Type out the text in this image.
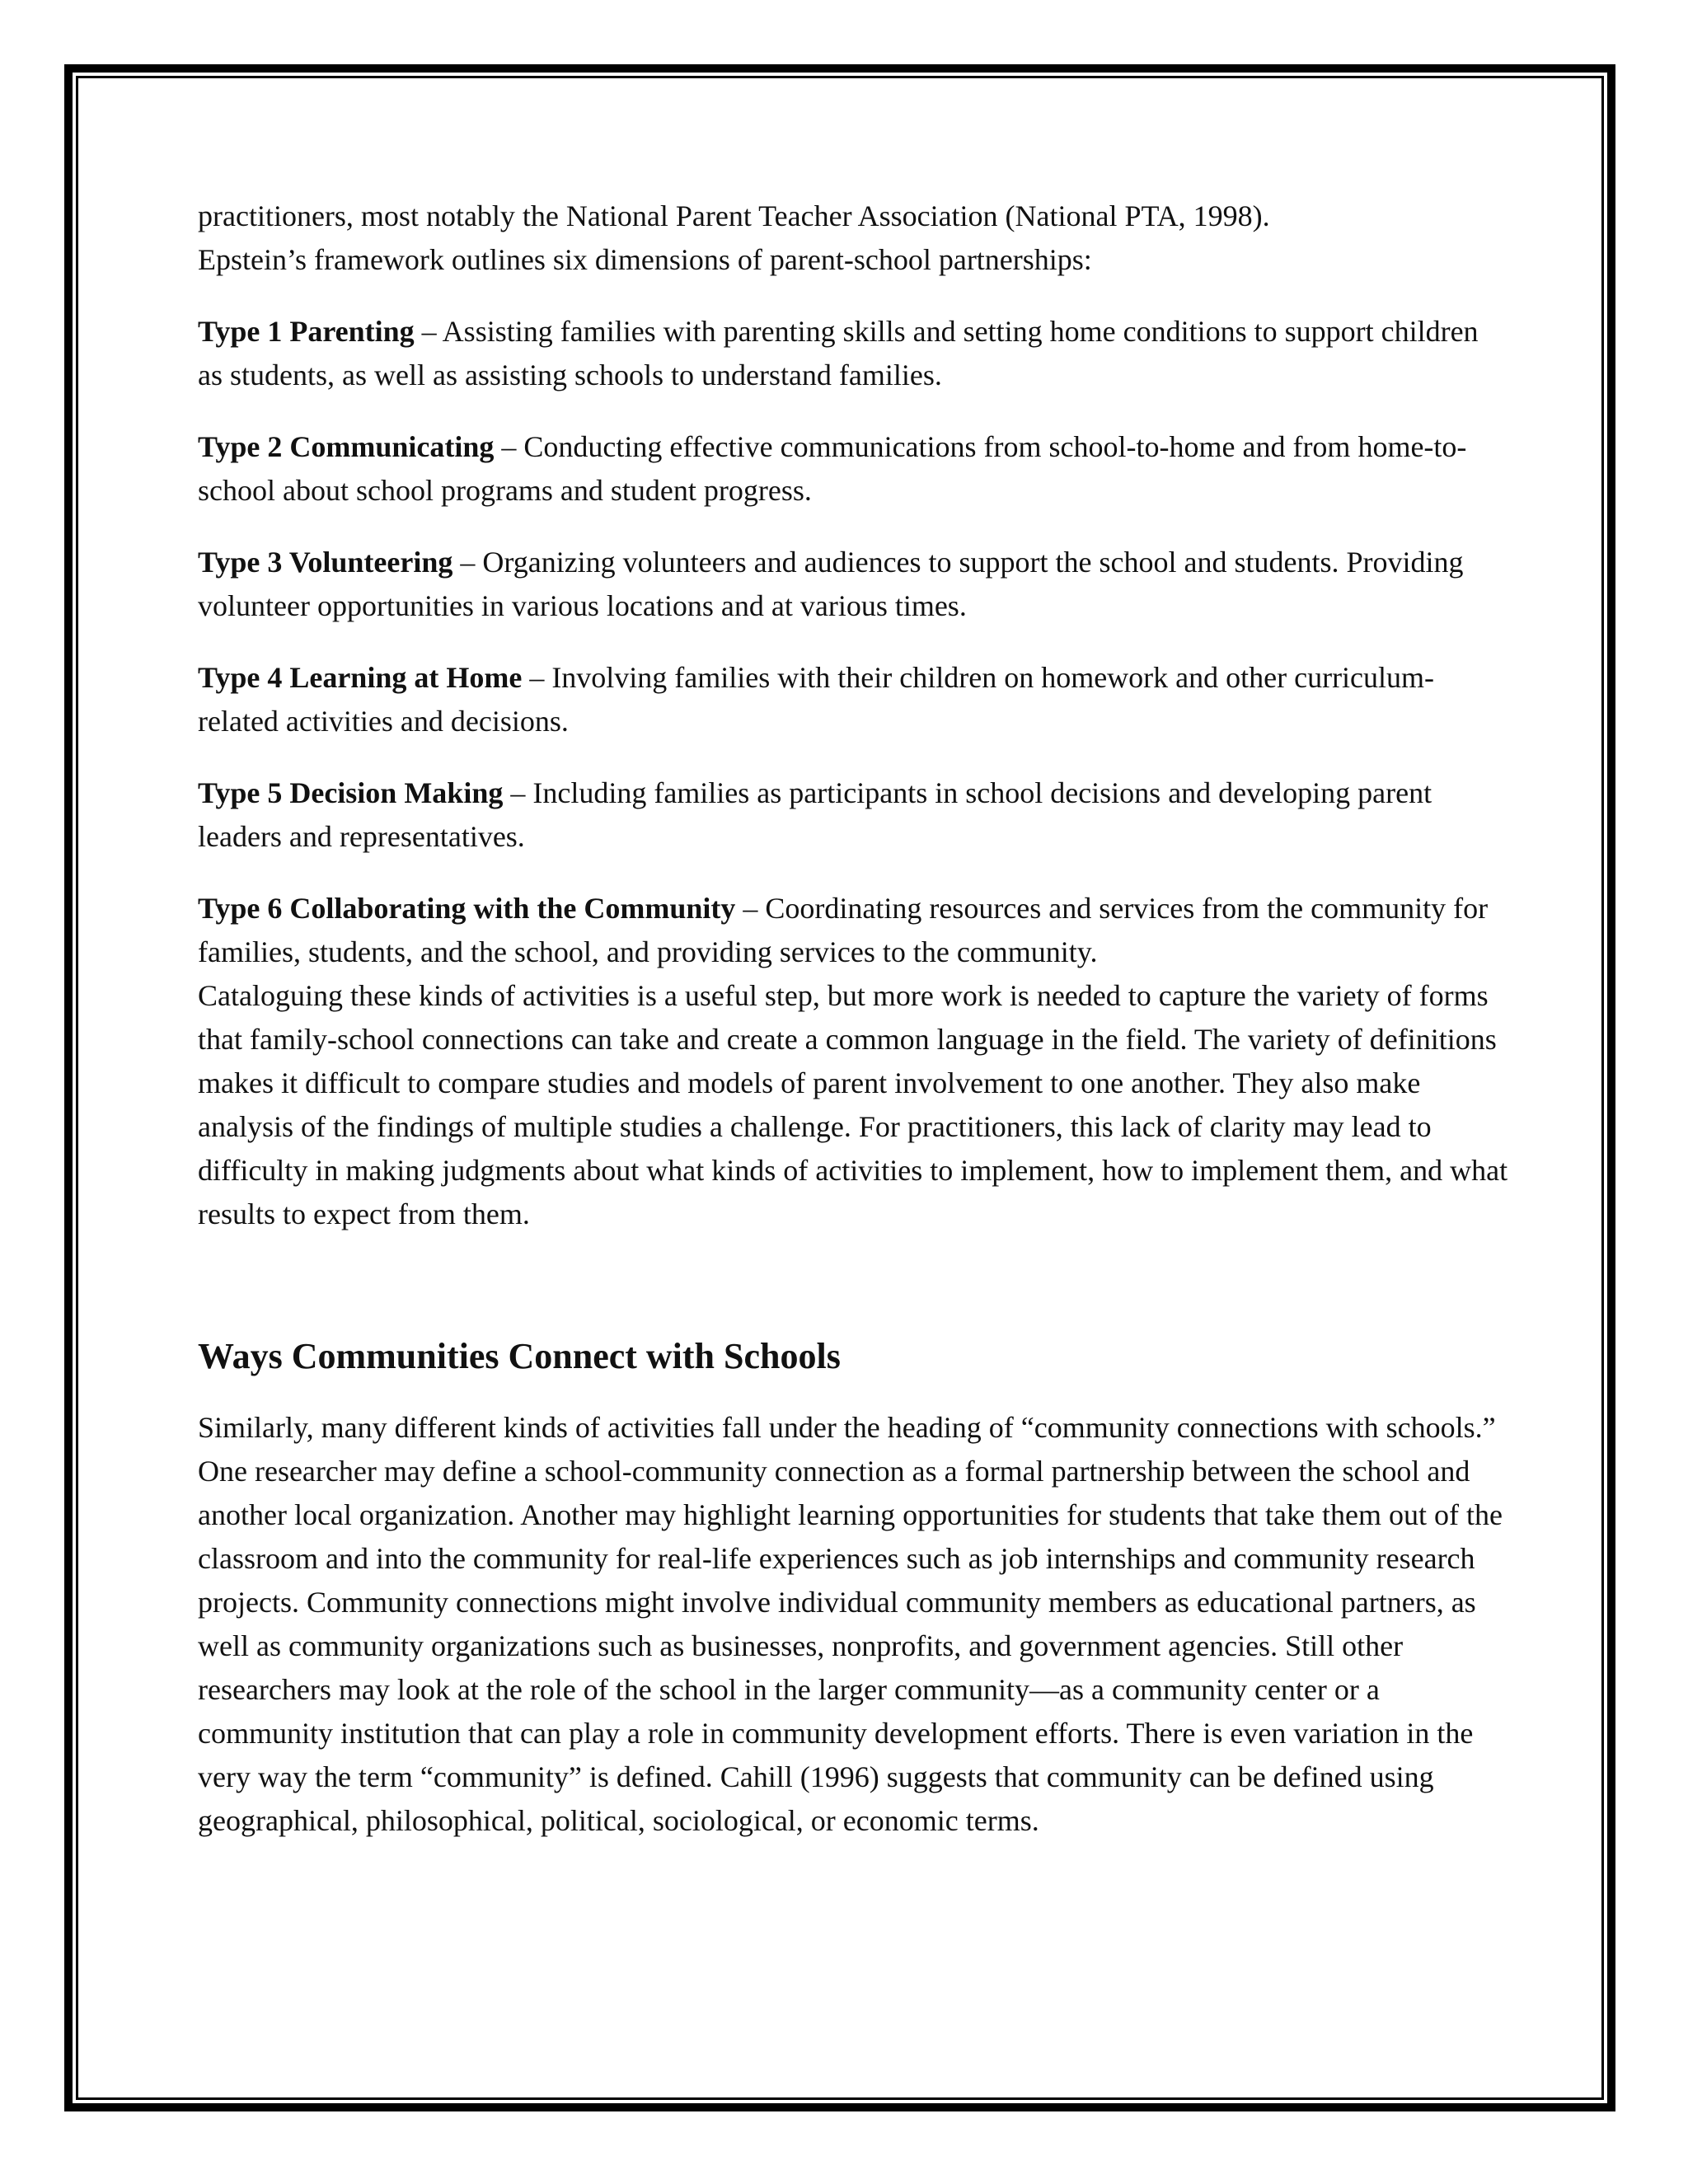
practitioners, most notably the National Parent Teacher Association (National PTA, 1998).
Epstein’s framework outlines six dimensions of parent-school partnerships:

Type 1 Parenting – Assisting families with parenting skills and setting home conditions to support children as students, as well as assisting schools to understand families.

Type 2 Communicating – Conducting effective communications from school-to-home and from home-to-school about school programs and student progress.

Type 3 Volunteering – Organizing volunteers and audiences to support the school and students. Providing volunteer opportunities in various locations and at various times.

Type 4 Learning at Home – Involving families with their children on homework and other curriculum-related activities and decisions.

Type 5 Decision Making – Including families as participants in school decisions and developing parent leaders and representatives.

Type 6 Collaborating with the Community – Coordinating resources and services from the community for families, students, and the school, and providing services to the community.

Cataloguing these kinds of activities is a useful step, but more work is needed to capture the variety of forms that family-school connections can take and create a common language in the field. The variety of definitions makes it difficult to compare studies and models of parent involvement to one another. They also make analysis of the findings of multiple studies a challenge. For practitioners, this lack of clarity may lead to difficulty in making judgments about what kinds of activities to implement, how to implement them, and what results to expect from them.

Ways Communities Connect with Schools

Similarly, many different kinds of activities fall under the heading of “community connections with schools.” One researcher may define a school-community connection as a formal partnership between the school and another local organization. Another may highlight learning opportunities for students that take them out of the classroom and into the community for real-life experiences such as job internships and community research projects. Community connections might involve individual community members as educational partners, as well as community organizations such as businesses, nonprofits, and government agencies. Still other researchers may look at the role of the school in the larger community—as a community center or a community institution that can play a role in community development efforts. There is even variation in the very way the term “community” is defined. Cahill (1996) suggests that community can be defined using geographical, philosophical, political, sociological, or economic terms.
